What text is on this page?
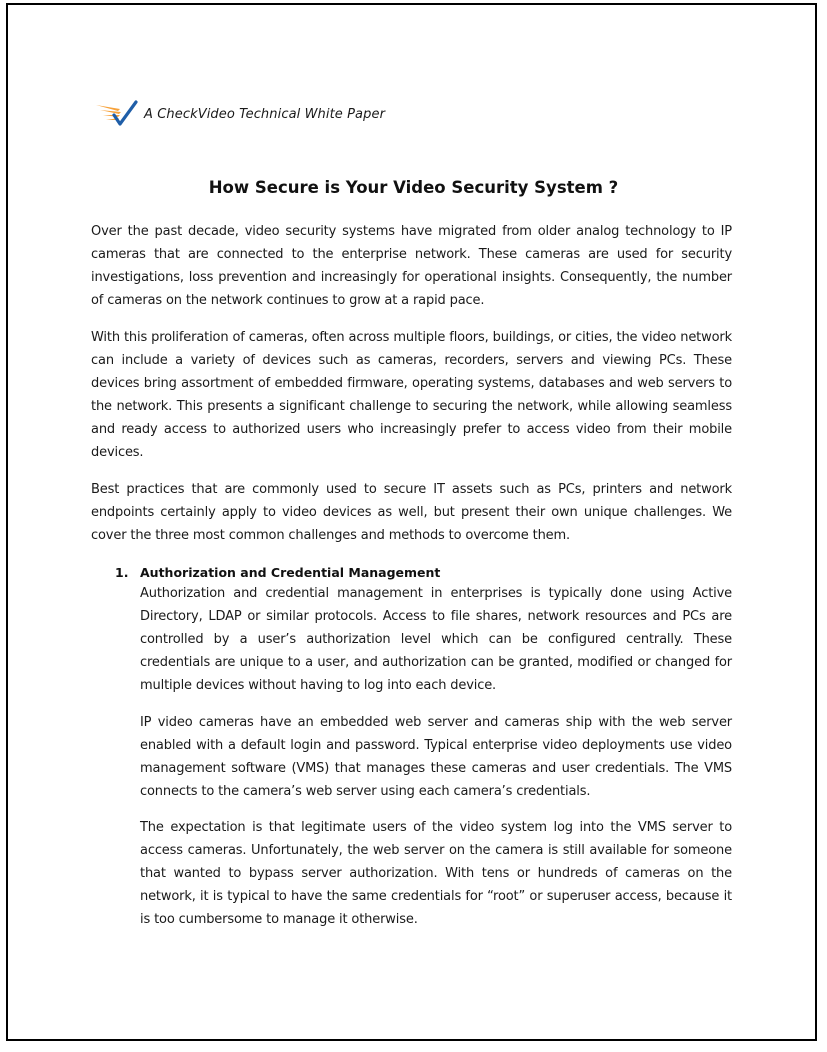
A CheckVideo Technical White Paper
How Secure is Your Video Security System ?

Over the past decade, video security systems have migrated from older analog technology to IP cameras that are connected to the enterprise network. These cameras are used for security investigations, loss prevention and increasingly for operational insights. Consequently, the number of cameras on the network continues to grow at a rapid pace.

With this proliferation of cameras, often across multiple floors, buildings, or cities, the video network can include a variety of devices such as cameras, recorders, servers and viewing PCs. These devices bring assortment of embedded firmware, operating systems, databases and web servers to the network. This presents a significant challenge to securing the network, while allowing seamless and ready access to authorized users who increasingly prefer to access video from their mobile devices.

Best practices that are commonly used to secure IT assets such as PCs, printers and network endpoints certainly apply to video devices as well, but present their own unique challenges. We cover the three most common challenges and methods to overcome them.

1. Authorization and Credential Management

Authorization and credential management in enterprises is typically done using Active Directory, LDAP or similar protocols. Access to file shares, network resources and PCs are controlled by a user’s authorization level which can be configured centrally. These credentials are unique to a user, and authorization can be granted, modified or changed for multiple devices without having to log into each device.

IP video cameras have an embedded web server and cameras ship with the web server enabled with a default login and password. Typical enterprise video deployments use video management software (VMS) that manages these cameras and user credentials. The VMS connects to the camera’s web server using each camera’s credentials.

The expectation is that legitimate users of the video system log into the VMS server to access cameras. Unfortunately, the web server on the camera is still available for someone that wanted to bypass server authorization. With tens or hundreds of cameras on the network, it is typical to have the same credentials for “root” or superuser access, because it is too cumbersome to manage it otherwise.
